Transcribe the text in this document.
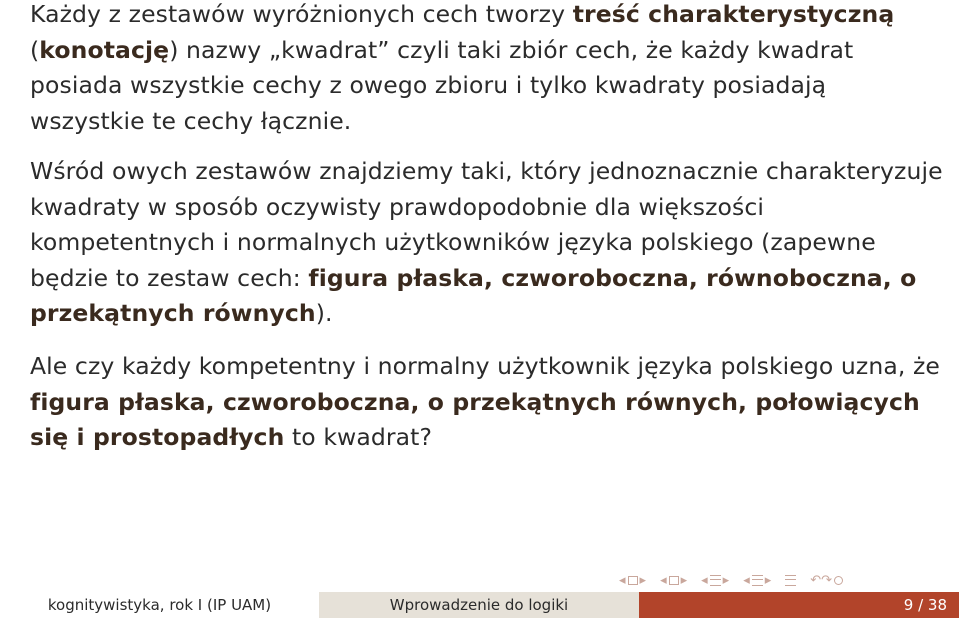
Każdy z zestawów wyróżnionych cech tworzy treść charakterystyczną (konotację) nazwy „kwadrat” czyli taki zbiór cech, że każdy kwadrat posiada wszystkie cechy z owego zbioru i tylko kwadraty posiadają wszystkie te cechy łącznie.

Wśród owych zestawów znajdziemy taki, który jednoznacznie charakteryzuje kwadraty w sposób oczywisty prawdopodobnie dla większości kompetentnych i normalnych użytkowników języka polskiego (zapewne będzie to zestaw cech: figura płaska, czworoboczna, równoboczna, o przekątnych równych).

Ale czy każdy kompetentny i normalny użytkownik języka polskiego uzna, że figura płaska, czworoboczna, o przekątnych równych, połowiących się i prostopadłych to kwadrat?

◂ ▸ ◂ ▸ ◂ ▸ ◂ ▸	↶↷
kognitywistyka, rok I (IP UAM)	Wprowadzenie do logiki	9 / 38
